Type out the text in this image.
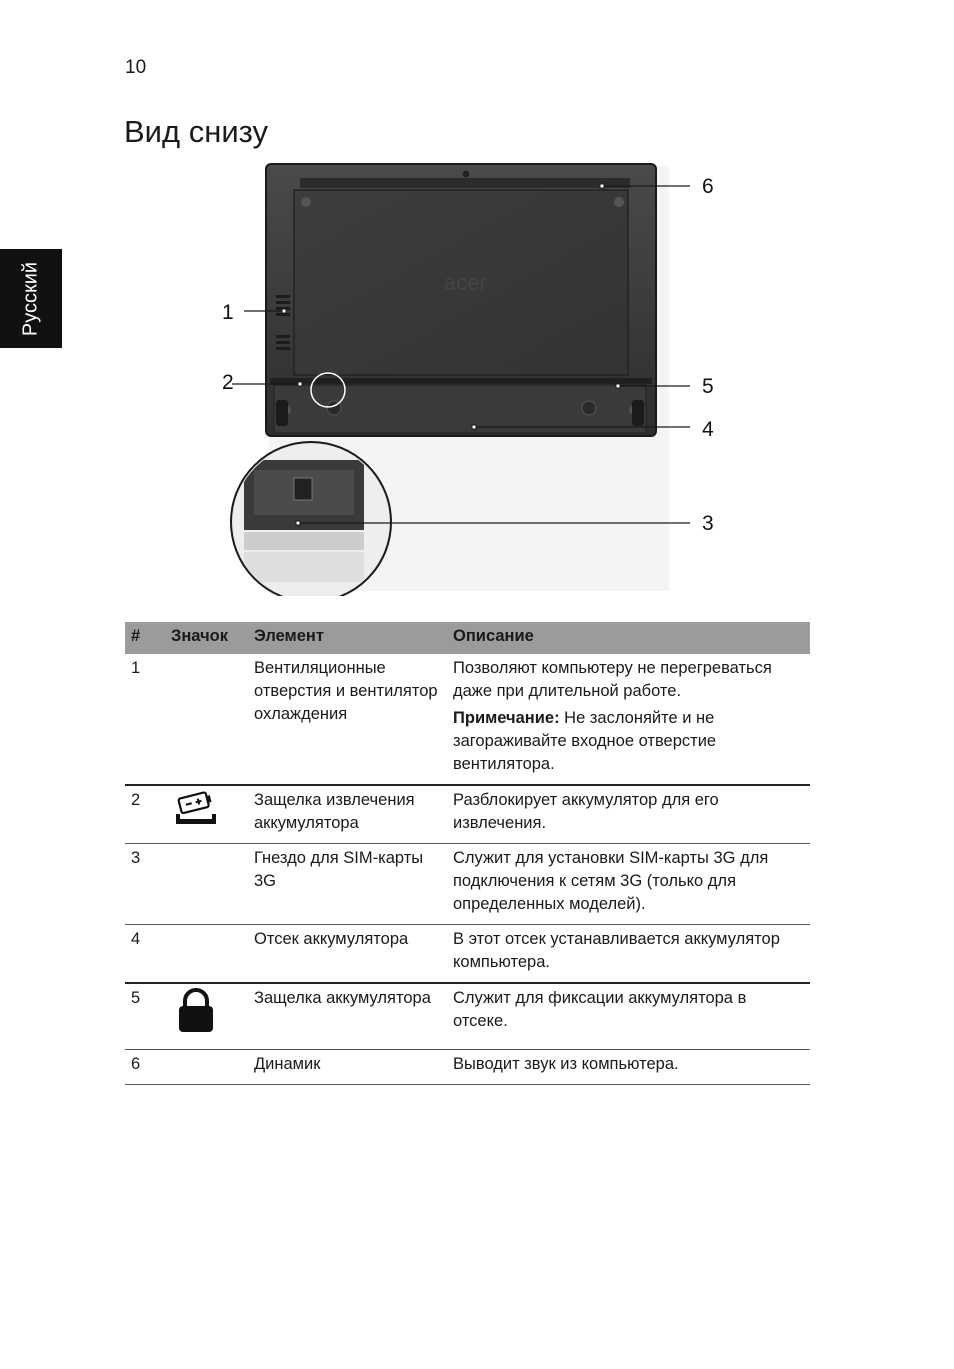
10
Вид снизу
Русский	acer
6
1
2	5
4
3
#	Значок	Элемент	Описание
1		Вентиляционные отверстия и вентилятор охлаждения	Позволяют компьютеру не перегреваться даже при длительной работе.

Примечание: Не заслоняйте и не загораживайте входное отверстие вентилятора.

2		Защелка извлечения аккумулятора	Разблокирует аккумулятор для его извлечения.
3		Гнездо для SIM-карты 3G	Служит для установки SIM-карты 3G для подключения к сетям 3G (только для определенных моделей).
4		Отсек аккумулятора	В этот отсек устанавливается аккумулятор компьютера.
5		Защелка аккумулятора	Служит для фиксации аккумулятора в отсеке.
6		Динамик	Выводит звук из компьютера.
